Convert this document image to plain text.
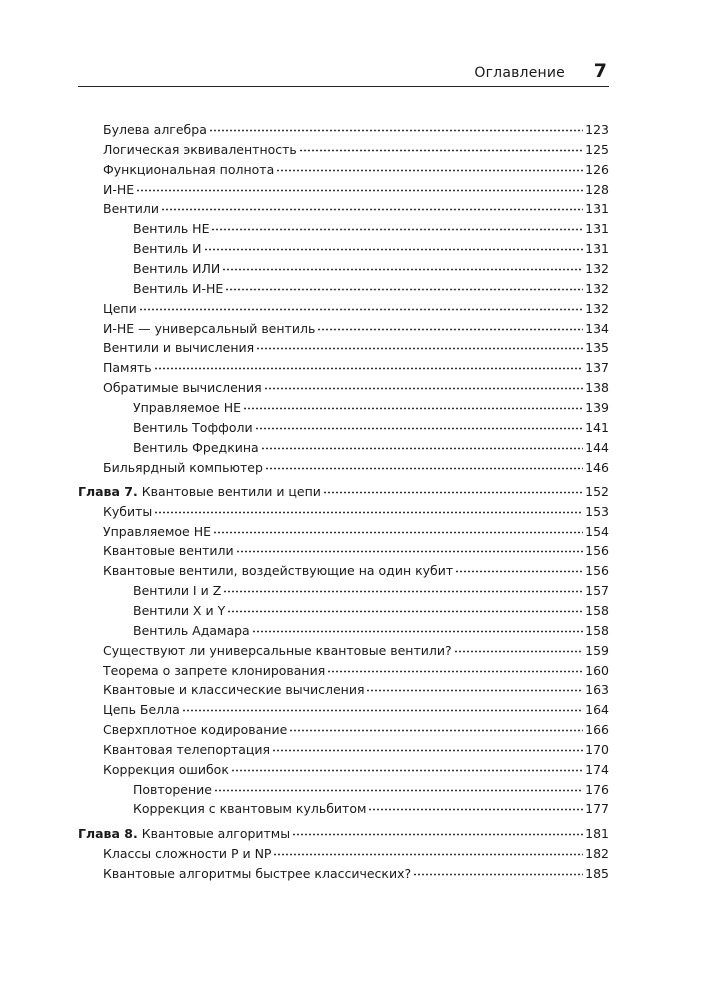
Оглавление 7
Булева алгебра	123
Логическая эквивалентность	125
Функциональная полнота	126
И-НЕ	128
Вентили	131
Вентиль НЕ	131
Вентиль И	131
Вентиль ИЛИ	132
Вентиль И-НЕ	132
Цепи	132
И-НЕ — универсальный вентиль	134
Вентили и вычисления	135
Память	137
Обратимые вычисления	138
Управляемое НЕ	139
Вентиль Тоффоли	141
Вентиль Фредкина	144
Бильярдный компьютер	146
Глава 7. Квантовые вентили и цепи	152
Кубиты	153
Управляемое НЕ	154
Квантовые вентили	156
Квантовые вентили, воздействующие на один кубит	156
Вентили I и Z	157
Вентили X и Y	158
Вентиль Адамара	158
Существуют ли универсальные квантовые вентили?	159
Теорема о запрете клонирования	160
Квантовые и классические вычисления	163
Цепь Белла	164
Сверхплотное кодирование	166
Квантовая телепортация	170
Коррекция ошибок	174
Повторение	176
Коррекция с квантовым кульбитом	177
Глава 8. Квантовые алгоритмы	181
Классы сложности P и NP	182
Квантовые алгоритмы быстрее классических?	185
